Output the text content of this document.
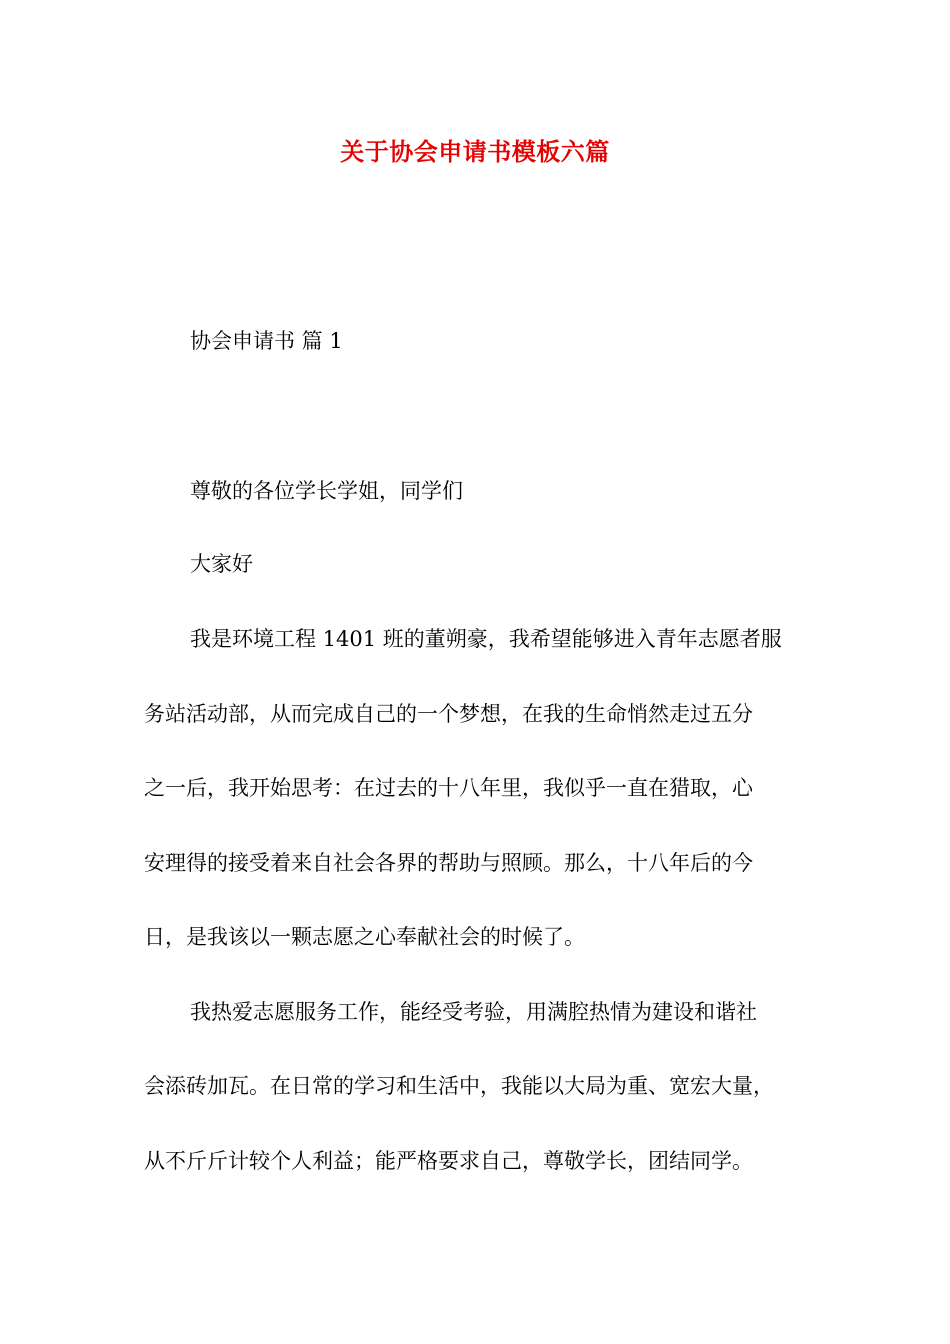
关于协会申请书模板六篇

协会申请书 篇 1

尊敬的各位学长学姐，同学们

大家好

我是环境工程 1401 班的董朔豪，我希望能够进入青年志愿者服

务站活动部，从而完成自己的一个梦想，在我的生命悄然走过五分

之一后，我开始思考：在过去的十八年里，我似乎一直在猎取，心

安理得的接受着来自社会各界的帮助与照顾。那么，十八年后的今

日，是我该以一颗志愿之心奉献社会的时候了。

我热爱志愿服务工作，能经受考验，用满腔热情为建设和谐社

会添砖加瓦。在日常的学习和生活中，我能以大局为重、宽宏大量，

从不斤斤计较个人利益；能严格要求自己，尊敬学长，团结同学。
